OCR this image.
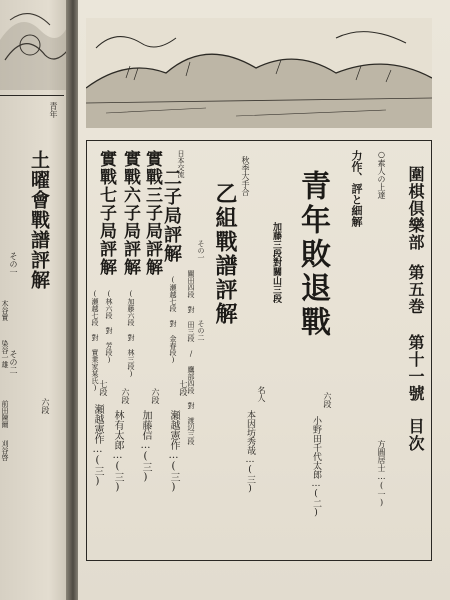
青年
土曜會戰譜評解
その一
その二
六段
木谷實
染谷一雄
前田陳爾
刈谷啓
圍棋倶樂部
第五巻
第十一號
目次
○素人の上達
方圓居士…(一)
力作、評と細解
青年敗退戰
加藤三段對關山三段
六段
小野田千代太郎…(二)
秋季大手合
乙組戰譜評解
その一
その二
關田四段 對 田三段 / 鷹部四段 對 渡辺三段	名人
本因坊秀哉…(三)
日本交流
二子局評解
(瀬越七段 對 金春段)
七段
瀬越憲作…(三)
實戰三子局評解
(加藤六段 對 林三段)
六段
加藤信…(三)
實戰六子局評解
(林六段 對 芳段)
六段
林有太郎…(三)
實戰七子局評解
(瀬越七段 對 實業家某氏) 七段
瀬越憲作…(三)
